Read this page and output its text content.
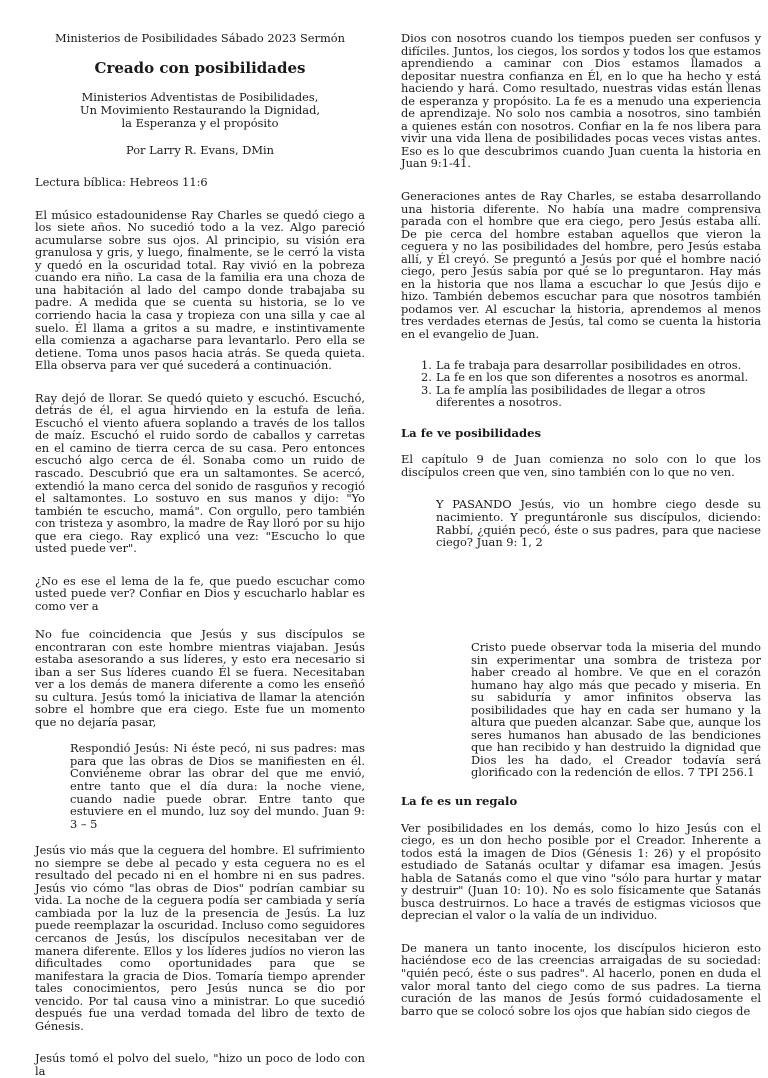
Ministerios de Posibilidades Sábado 2023 Sermón

Creado con posibilidades

Ministerios Adventistas de Posibilidades,

Un Movimiento Restaurando la Dignidad,

la Esperanza y el propósito

Por Larry R. Evans, DMin

Lectura bíblica: Hebreos 11:6

El músico estadounidense Ray Charles se quedó ciego a los siete años. No sucedió todo a la vez. Algo pareció acumularse sobre sus ojos. Al principio, su visión era granulosa y gris, y luego, finalmente, se le cerró la vista y quedó en la oscuridad total. Ray vivió en la pobreza cuando era niño. La casa de la familia era una choza de una habitación al lado del campo donde trabajaba su padre. A medida que se cuenta su historia, se lo ve corriendo hacia la casa y tropieza con una silla y cae al suelo. Él llama a gritos a su madre, e instintivamente ella comienza a agacharse para levantarlo. Pero ella se detiene. Toma unos pasos hacia atrás. Se queda quieta. Ella observa para ver qué sucederá a continuación.

Ray dejó de llorar. Se quedó quieto y escuchó. Escuchó, detrás de él, el agua hirviendo en la estufa de leña. Escuchó el viento afuera soplando a través de los tallos de maíz. Escuchó el ruido sordo de caballos y carretas en el camino de tierra cerca de su casa. Pero entonces escuchó algo cerca de él. Sonaba como un ruido de rascado. Descubrió que era un saltamontes. Se acercó, extendió la mano cerca del sonido de rasguños y recogió el saltamontes. Lo sostuvo en sus manos y dijo: "Yo también te escucho, mamá". Con orgullo, pero también con tristeza y asombro, la madre de Ray lloró por su hijo que era ciego. Ray explicó una vez: "Escucho lo que usted puede ver".

¿No es ese el lema de la fe, que puedo escuchar como usted puede ver? Confiar en Dios y escucharlo hablar es como ver a

Dios con nosotros cuando los tiempos pueden ser confusos y difíciles. Juntos, los ciegos, los sordos y todos los que estamos aprendiendo a caminar con Dios estamos llamados a depositar nuestra confianza en Él, en lo que ha hecho y está haciendo y hará. Como resultado, nuestras vidas están llenas de esperanza y propósito. La fe es a menudo una experiencia de aprendizaje. No solo nos cambia a nosotros, sino también a quienes están con nosotros. Confiar en la fe nos libera para vivir una vida llena de posibilidades pocas veces vistas antes. Eso es lo que descubrimos cuando Juan cuenta la historia en Juan 9:1-41.

Generaciones antes de Ray Charles, se estaba desarrollando una historia diferente. No había una madre comprensiva parada con el hombre que era ciego, pero Jesús estaba allí. De pie cerca del hombre estaban aquellos que vieron la ceguera y no las posibilidades del hombre, pero Jesús estaba allí, y Él creyó. Se preguntó a Jesús por qué el hombre nació ciego, pero Jesús sabía por qué se lo preguntaron. Hay más en la historia que nos llama a escuchar lo que Jesús dijo e hizo. También debemos escuchar para que nosotros también podamos ver. Al escuchar la historia, aprendemos al menos tres verdades eternas de Jesús, tal como se cuenta la historia en el evangelio de Juan.

1. La fe trabaja para desarrollar posibilidades en otros.
2. La fe en los que son diferentes a nosotros es anormal.
3. La fe amplía las posibilidades de llegar a otros diferentes a nosotros.

La fe ve posibilidades

El capítulo 9 de Juan comienza no solo con lo que los discípulos creen que ven, sino también con lo que no ven.

Y PASANDO Jesús, vio un hombre ciego desde su nacimiento. Y preguntáronle sus discípulos, diciendo: Rabbí, ¿quién pecó, éste o sus padres, para que naciese ciego? Juan 9: 1, 2

No fue coincidencia que Jesús y sus discípulos se encontraran con este hombre mientras viajaban. Jesús estaba asesorando a sus líderes, y esto era necesario si iban a ser Sus líderes cuando Él se fuera. Necesitaban ver a los demás de manera diferente a como les enseñó su cultura. Jesús tomó la iniciativa de llamar la atención sobre el hombre que era ciego. Este fue un momento que no dejaría pasar,

Respondió Jesús: Ni éste pecó, ni sus padres: mas para que las obras de Dios se manifiesten en él. Conviéneme obrar las obrar del que me envió, entre tanto que el día dura: la noche viene, cuando nadie puede obrar. Entre tanto que estuviere en el mundo, luz soy del mundo. Juan 9: 3 – 5

Jesús vio más que la ceguera del hombre. El sufrimiento no siempre se debe al pecado y esta ceguera no es el resultado del pecado ni en el hombre ni en sus padres. Jesús vio cómo "las obras de Dios" podrían cambiar su vida. La noche de la ceguera podía ser cambiada y sería cambiada por la luz de la presencia de Jesús. La luz puede reemplazar la oscuridad. Incluso como seguidores cercanos de Jesús, los discípulos necesitaban ver de manera diferente. Ellos y los líderes judíos no vieron las dificultades como oportunidades para que se manifestara la gracia de Dios. Tomaría tiempo aprender tales conocimientos, pero Jesús nunca se dio por vencido. Por tal causa vino a ministrar. Lo que sucedió después fue una verdad tomada del libro de texto de Génesis.

Jesús tomó el polvo del suelo, "hizo un poco de lodo con la

Cristo puede observar toda la miseria del mundo sin experimentar una sombra de tristeza por haber creado al hombre. Ve que en el corazón humano hay algo más que pecado y miseria. En su sabiduría y amor infinitos observa las posibilidades que hay en cada ser humano y la altura que pueden alcanzar. Sabe que, aunque los seres humanos han abusado de las bendiciones que han recibido y han destruido la dignidad que Dios les ha dado, el Creador todavía será glorificado con la redención de ellos. 7 TPI 256.1

La fe es un regalo

Ver posibilidades en los demás, como lo hizo Jesús con el ciego, es un don hecho posible por el Creador. Inherente a todos está la imagen de Dios (Génesis 1: 26) y el propósito estudiado de Satanás ocultar y difamar esa imagen. Jesús habla de Satanás como el que vino "sólo para hurtar y matar y destruir" (Juan 10: 10). No es solo físicamente que Satanás busca destruirnos. Lo hace a través de estigmas viciosos que deprecian el valor o la valía de un individuo.

De manera un tanto inocente, los discípulos hicieron esto haciéndose eco de las creencias arraigadas de su sociedad: "quién pecó, éste o sus padres". Al hacerlo, ponen en duda el valor moral tanto del ciego como de sus padres. La tierna curación de las manos de Jesús formó cuidadosamente el barro que se colocó sobre los ojos que habían sido ciegos de
